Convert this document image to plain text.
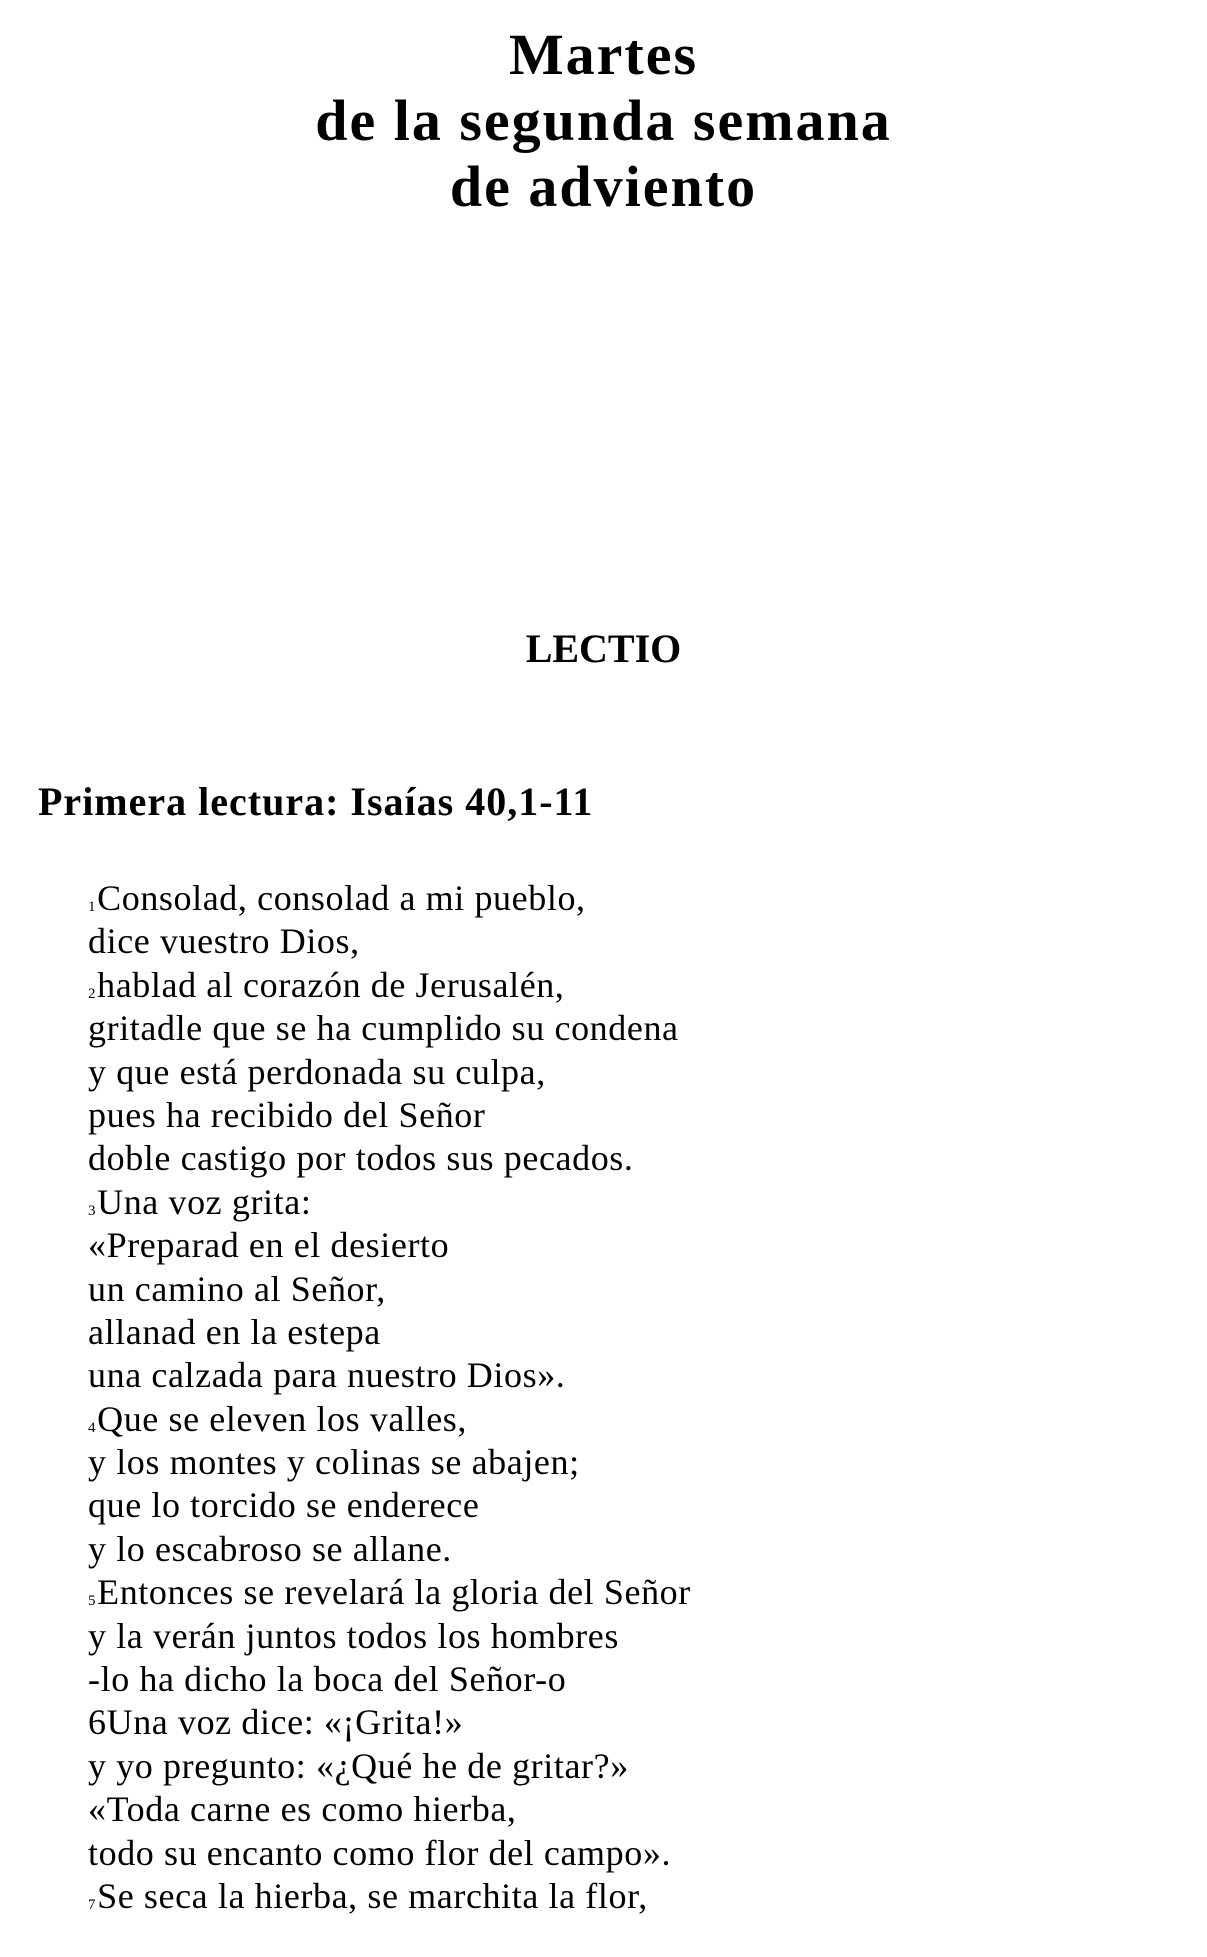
Martes
de la segunda semana
de adviento
LECTIO
Primera lectura: Isaías 40,1-11
1Consolad, consolad a mi pueblo,
dice vuestro Dios,
2hablad al corazón de Jerusalén,
gritadle que se ha cumplido su condena
y que está perdonada su culpa,
pues ha recibido del Señor
doble castigo por todos sus pecados.
3Una voz grita:
«Preparad en el desierto
un camino al Señor,
allanad en la estepa
una calzada para nuestro Dios».
4Que se eleven los valles,
y los montes y colinas se abajen;
que lo torcido se enderece
y lo escabroso se allane.
5Entonces se revelará la gloria del Señor
y la verán juntos todos los hombres
-lo ha dicho la boca del Señor-o
6Una voz dice: «¡Grita!»
y yo pregunto: «¿Qué he de gritar?»
«Toda carne es como hierba,
todo su encanto como flor del campo».
7Se seca la hierba, se marchita la flor,
